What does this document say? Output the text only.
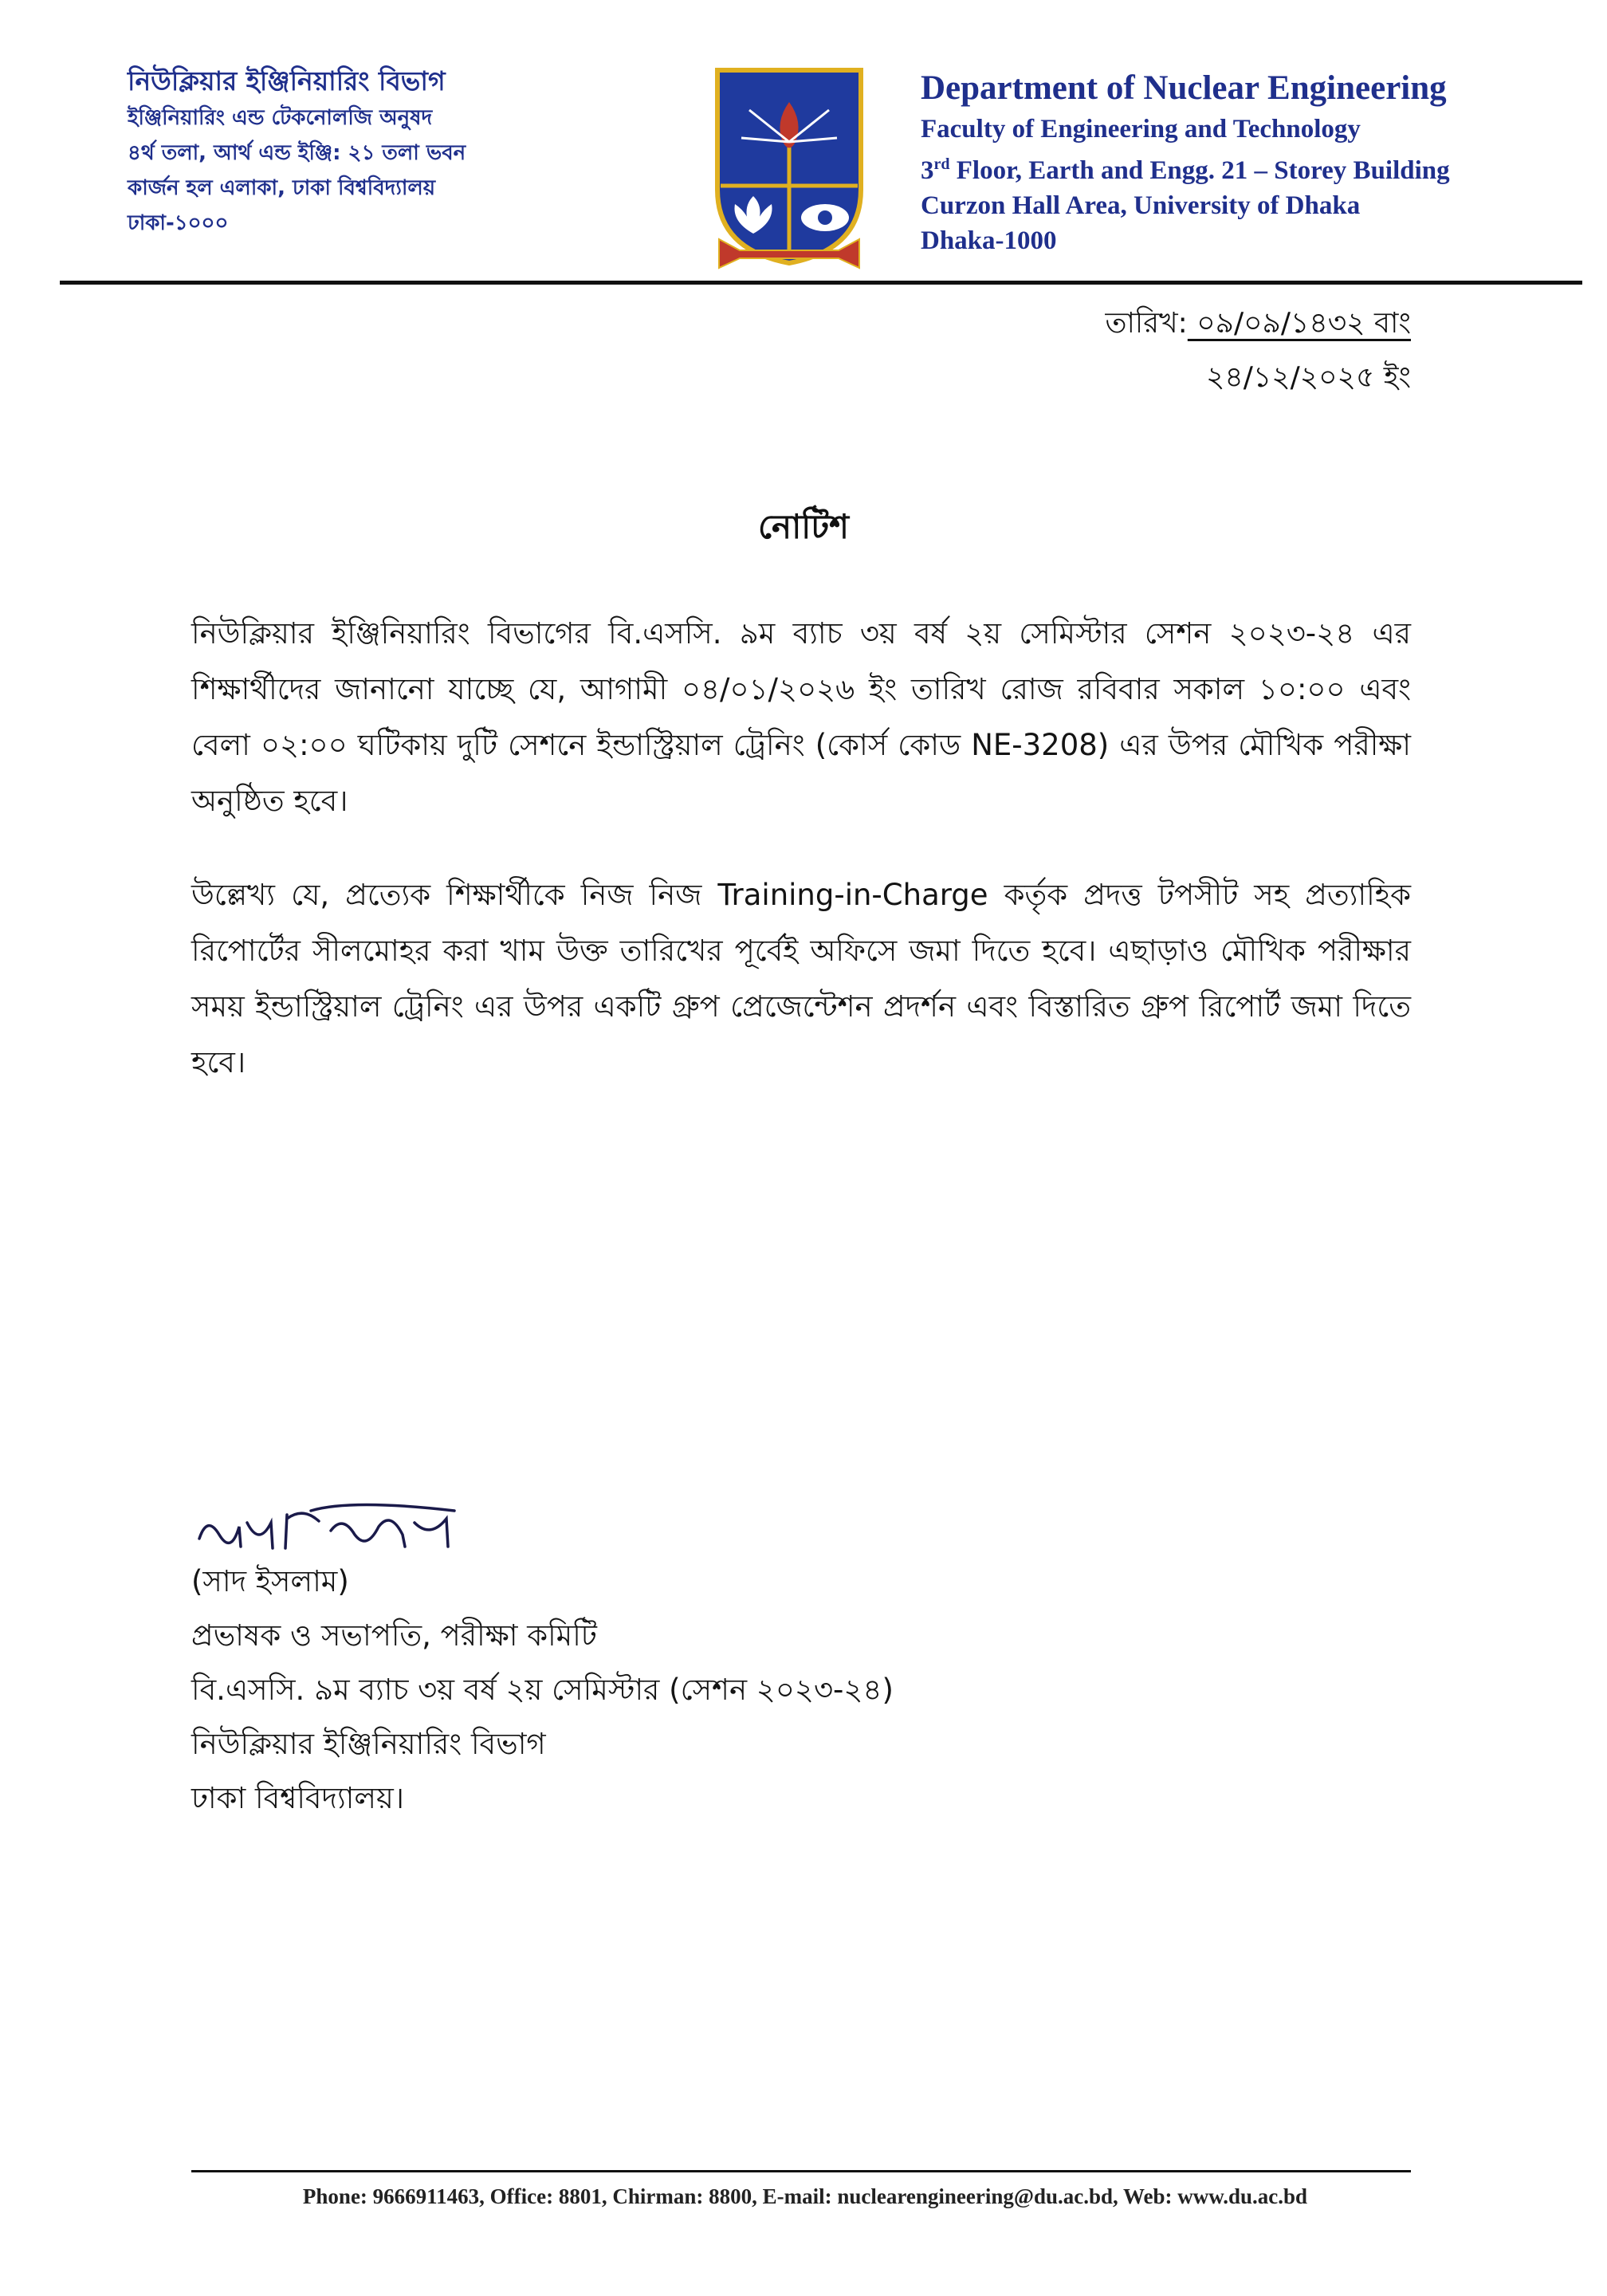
নিউক্লিয়ার ইঞ্জিনিয়ারিং বিভাগ
ইঞ্জিনিয়ারিং এন্ড টেকনোলজি অনুষদ
৪র্থ তলা, আর্থ এন্ড ইঞ্জি: ২১ তলা ভবন
কার্জন হল এলাকা, ঢাকা বিশ্ববিদ্যালয়
ঢাকা-১০০০
Department of Nuclear Engineering
Faculty of Engineering and Technology
3rd Floor, Earth and Engg. 21 – Storey Building
Curzon Hall Area, University of Dhaka
Dhaka-1000
তারিখ: ০৯/০৯/১৪৩২ বাং
২৪/১২/২০২৫ ইং
নোটিশ
নিউক্লিয়ার ইঞ্জিনিয়ারিং বিভাগের বি.এসসি. ৯ম ব্যাচ ৩য় বর্ষ ২য় সেমিস্টার সেশন ২০২৩-২৪ এর শিক্ষার্থীদের জানানো যাচ্ছে যে, আগামী ০৪/০১/২০২৬ ইং তারিখ রোজ রবিবার সকাল ১০:০০ এবং বেলা ০২:০০ ঘটিকায় দুটি সেশনে ইন্ডাস্ট্রিয়াল ট্রেনিং (কোর্স কোড NE-3208) এর উপর মৌখিক পরীক্ষা অনুষ্ঠিত হবে।
উল্লেখ্য যে, প্রত্যেক শিক্ষার্থীকে নিজ নিজ Training-in-Charge কর্তৃক প্রদত্ত টপসীট সহ প্রত্যাহিক রিপোর্টের সীলমোহর করা খাম উক্ত তারিখের পূর্বেই অফিসে জমা দিতে হবে। এছাড়াও মৌখিক পরীক্ষার সময় ইন্ডাস্ট্রিয়াল ট্রেনিং এর উপর একটি গ্রুপ প্রেজেন্টেশন প্রদর্শন এবং বিস্তারিত গ্রুপ রিপোর্ট জমা দিতে হবে।
(সাদ ইসলাম)
প্রভাষক ও সভাপতি, পরীক্ষা কমিটি
বি.এসসি. ৯ম ব্যাচ ৩য় বর্ষ ২য় সেমিস্টার (সেশন ২০২৩-২৪)
নিউক্লিয়ার ইঞ্জিনিয়ারিং বিভাগ
ঢাকা বিশ্ববিদ্যালয়।
Phone: 9666911463, Office: 8801, Chirman: 8800, E-mail: nuclearengineering@du.ac.bd, Web: www.du.ac.bd
